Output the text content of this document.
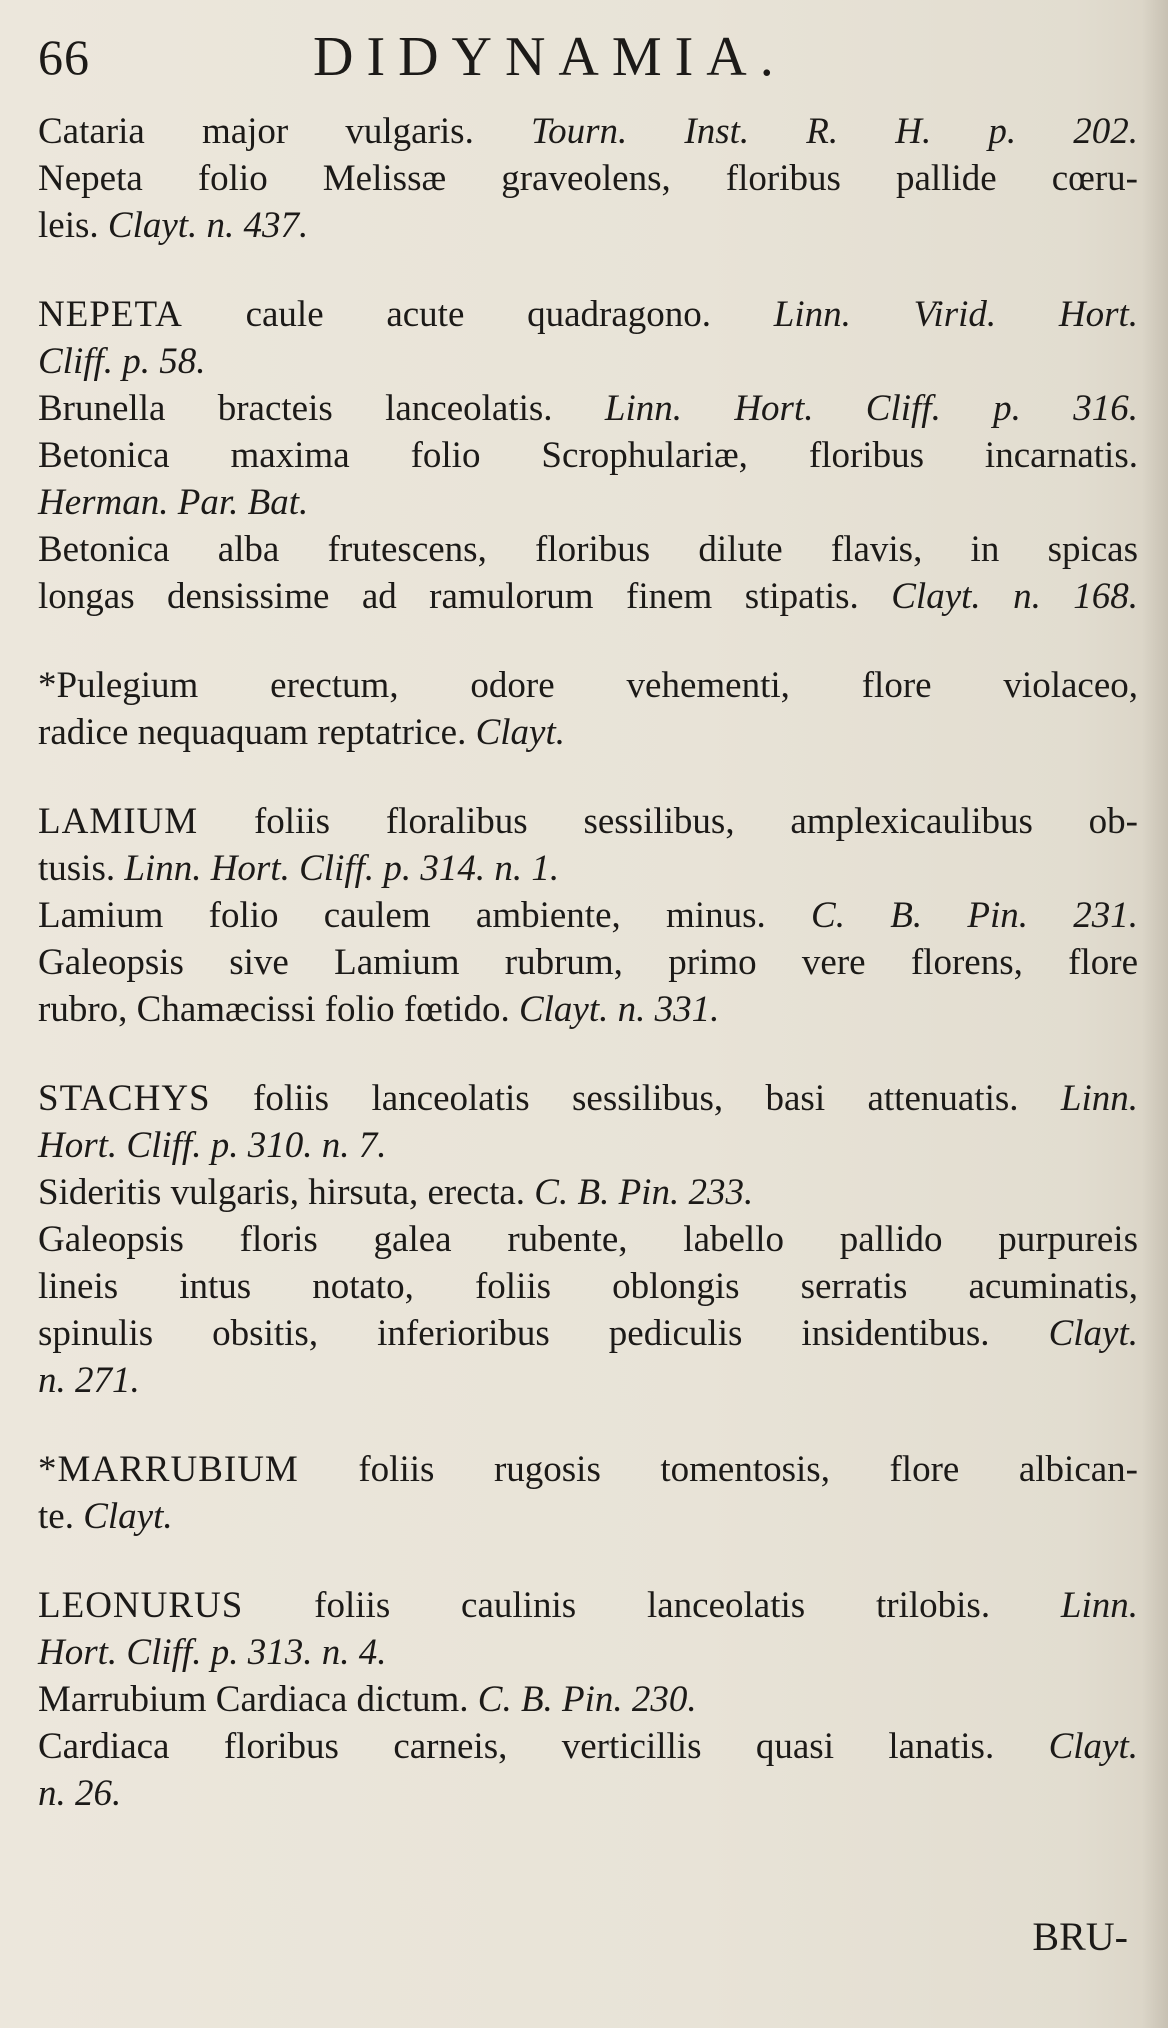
66	DIDYNAMIA.
Cataria major vulgaris. Tourn. Inst. R. H. p. 202.
Nepeta folio Melissæ graveolens, floribus pallide cœru-
leis. Clayt. n. 437.
NEPETA caule acute quadragono. Linn. Virid. Hort.
Cliff. p. 58.
Brunella bracteis lanceolatis. Linn. Hort. Cliff. p. 316.
Betonica maxima folio Scrophulariæ, floribus incarnatis.
Herman. Par. Bat.
Betonica alba frutescens, floribus dilute flavis, in spicas
longas densissime ad ramulorum finem stipatis. Clayt. n. 168.
*Pulegium erectum, odore vehementi, flore violaceo,
radice nequaquam reptatrice. Clayt.
LAMIUM foliis floralibus sessilibus, amplexicaulibus ob-
tusis. Linn. Hort. Cliff. p. 314. n. 1.
Lamium folio caulem ambiente, minus. C. B. Pin. 231.
Galeopsis sive Lamium rubrum, primo vere florens, flore
rubro, Chamæcissi folio fœtido. Clayt. n. 331.
STACHYS foliis lanceolatis sessilibus, basi attenuatis. Linn.
Hort. Cliff. p. 310. n. 7.
Sideritis vulgaris, hirsuta, erecta. C. B. Pin. 233.
Galeopsis floris galea rubente, labello pallido purpureis
lineis intus notato, foliis oblongis serratis acuminatis,
spinulis obsitis, inferioribus pediculis insidentibus. Clayt.
n. 271.
*MARRUBIUM foliis rugosis tomentosis, flore albican-
te. Clayt.
LEONURUS foliis caulinis lanceolatis trilobis. Linn.
Hort. Cliff. p. 313. n. 4.
Marrubium Cardiaca dictum. C. B. Pin. 230.
Cardiaca floribus carneis, verticillis quasi lanatis. Clayt.
n. 26.
BRU-
